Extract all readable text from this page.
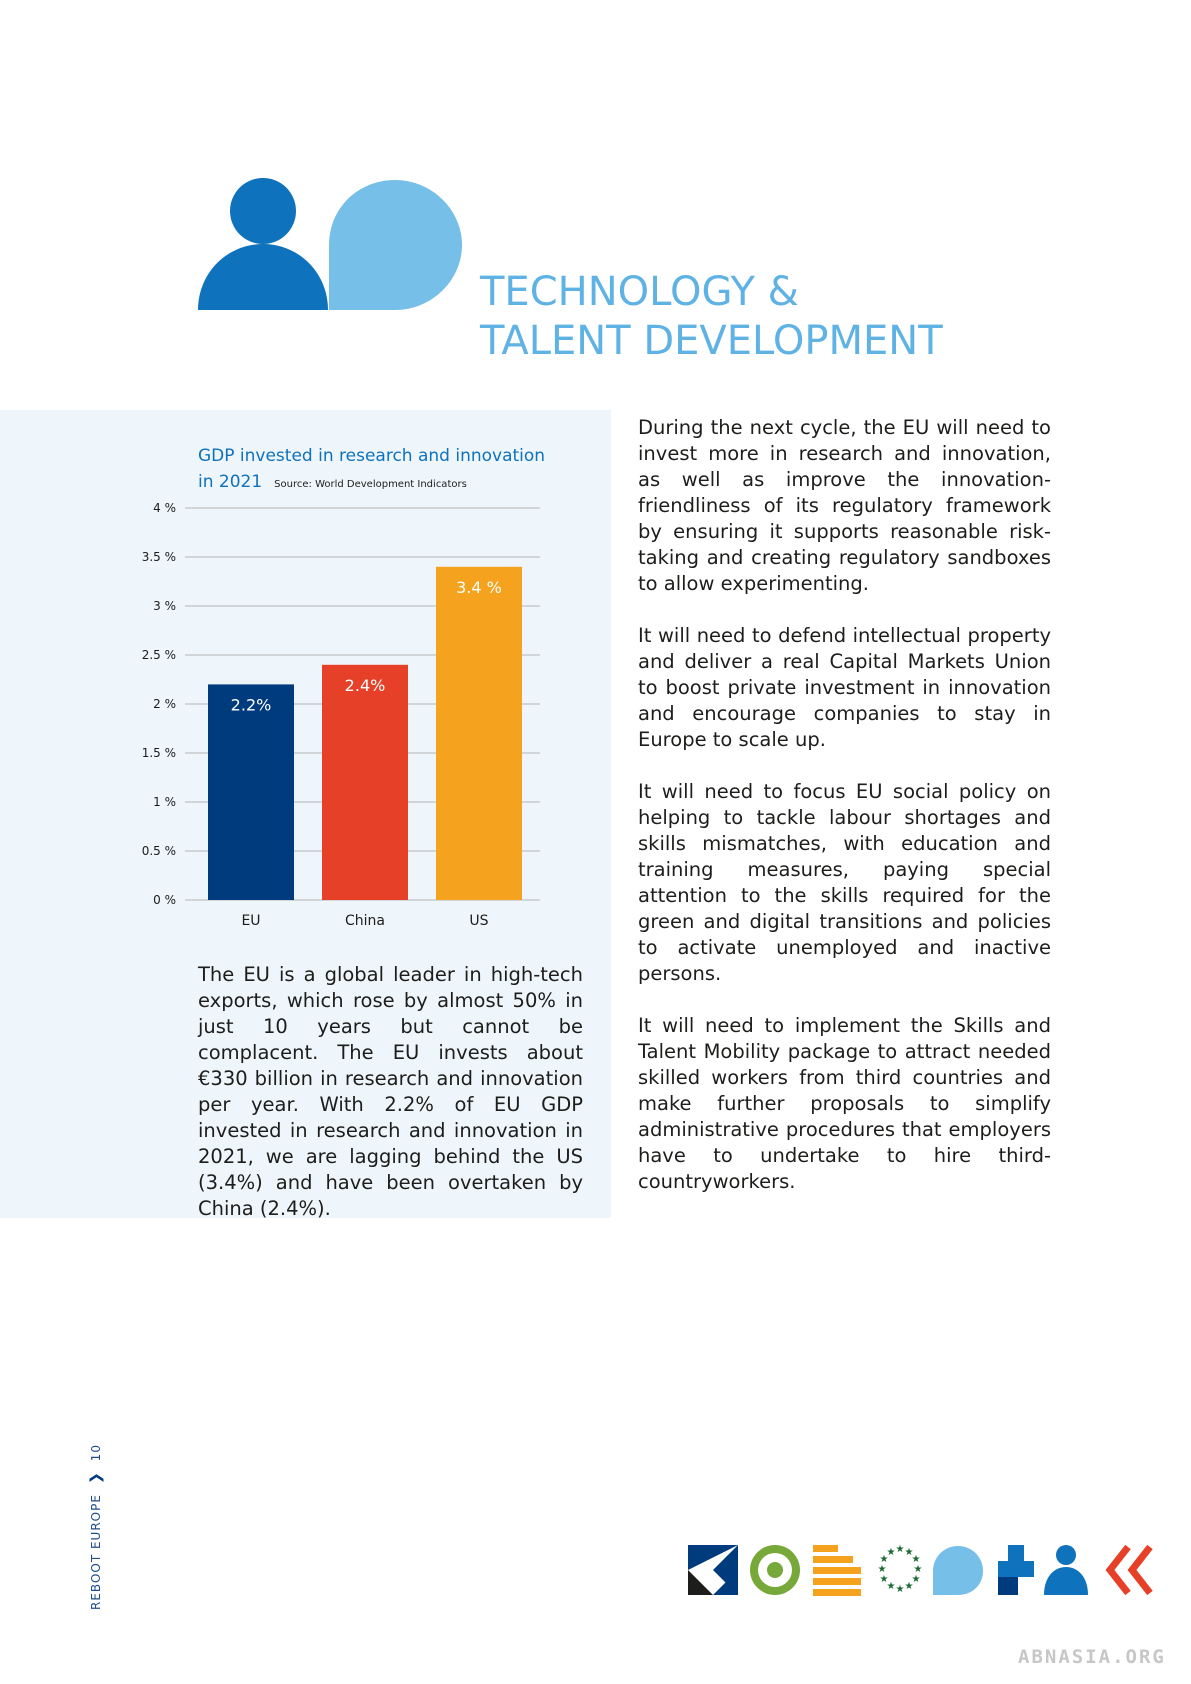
TECHNOLOGY &
TALENT DEVELOPMENT
GDP invested in research and innovation
in 2021 Source: World Development Indicators
0 %
0.5 %
1 %
1.5 %
2 %
2.5 %
3 %
3.5 %
4 %
2.2%
EU
2.4%
China
3.4 %
US

The EU is a global leader in high-tech exports, which rose by almost 50% in just 10 years but cannot be complacent. The EU invests about €330 billion in research and innovation per year. With 2.2% of EU GDP invested in research and innovation in 2021, we are lagging behind the US (3.4%) and have been overtaken by China (2.4%).

During the next cycle, the EU will need to invest more in research and innovation, as well as improve the innovation-friendliness of its regulatory framework by ensuring it supports reasonable risk-taking and creating regulatory sandboxes to allow experimenting.

It will need to defend intellectual property and deliver a real Capital Markets Union to boost private investment in innovation and encourage companies to stay in Europe to scale up.

It will need to focus EU social policy on helping to tackle labour shortages and skills mismatches, with education and training measures, paying special attention to the skills required for the green and digital transitions and policies to activate unemployed and inactive persons.

It will need to implement the Skills and Talent Mobility package to attract needed skilled workers from third countries and make further proposals to simplify administrative procedures that employers have to undertake to hire third-countryworkers.

REBOOT EUROPE
❯
10
★ ★
★
★
★
★
★
★
★
★
★
★
ABNASIA.ORG
